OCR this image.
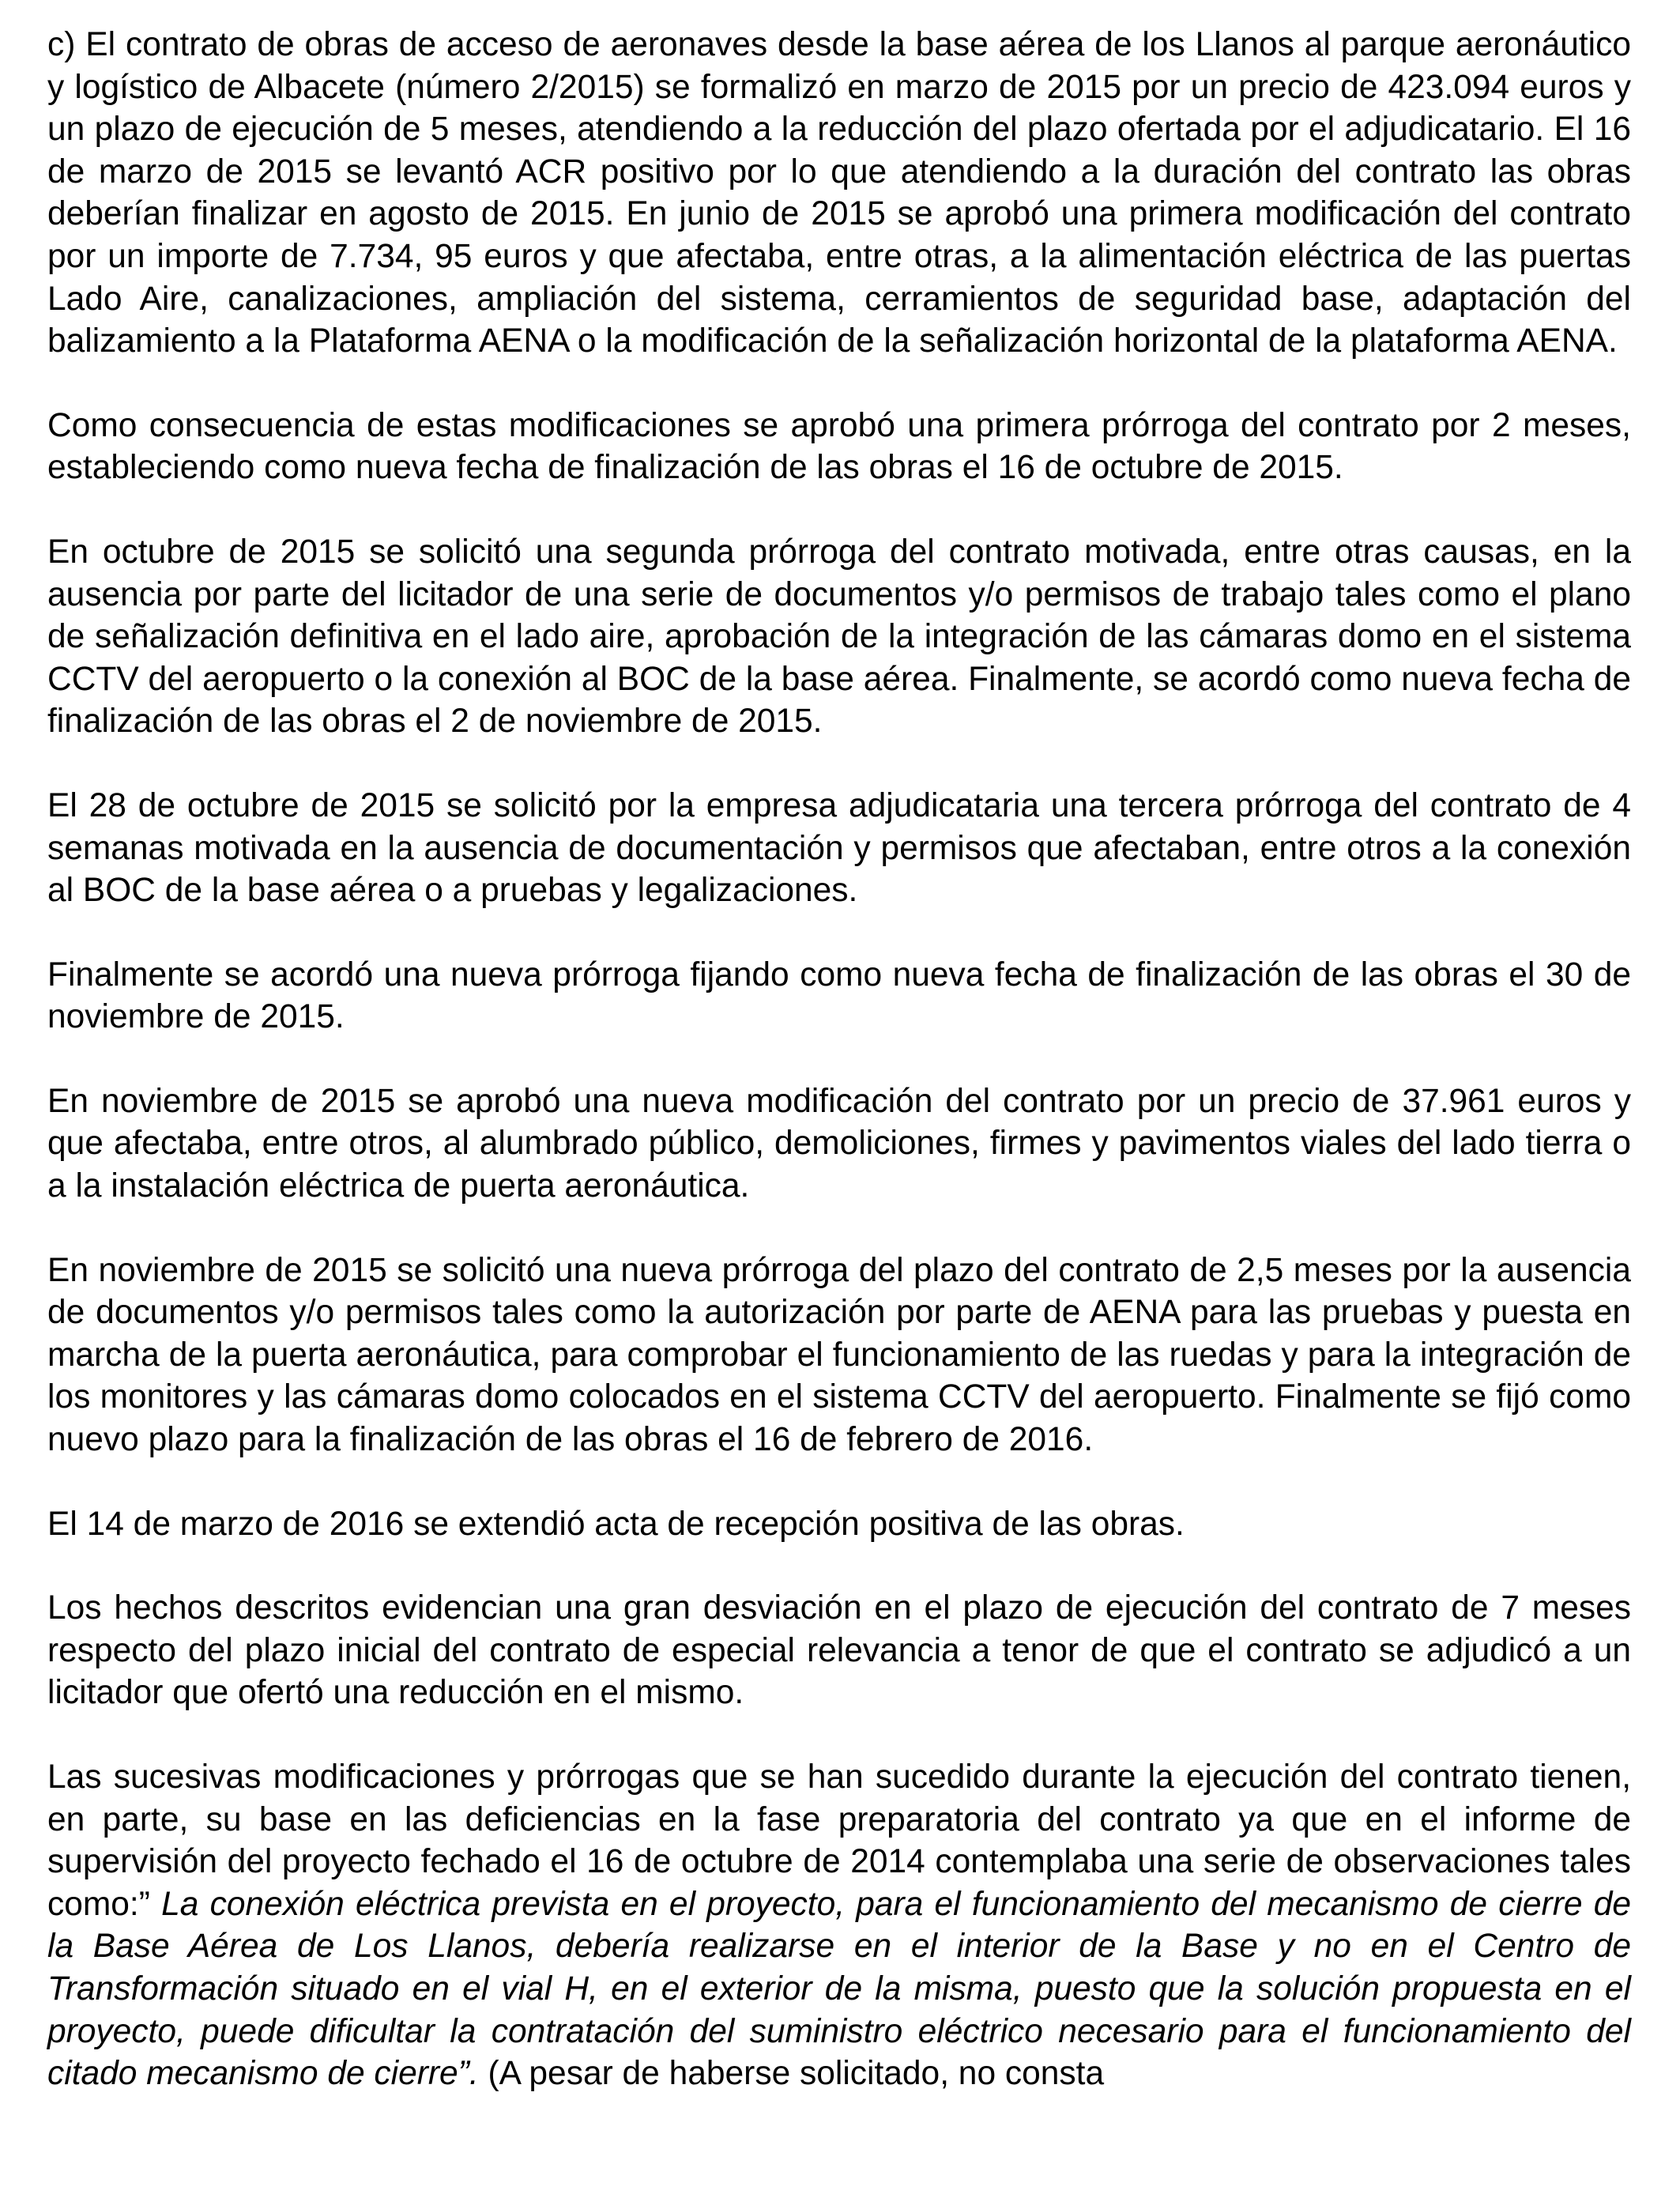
c) El contrato de obras de acceso de aeronaves desde la base aérea de los Llanos al parque aeronáutico y logístico de Albacete (número 2/2015) se formalizó en marzo de 2015 por un precio de 423.094 euros y un plazo de ejecución de 5 meses, atendiendo a la reducción del plazo ofertada por el adjudicatario. El 16 de marzo de 2015 se levantó ACR positivo por lo que atendiendo a la duración del contrato las obras deberían finalizar en agosto de 2015. En junio de 2015 se aprobó una primera modificación del contrato por un importe de 7.734, 95 euros y que afectaba, entre otras, a la alimentación eléctrica de las puertas Lado Aire, canalizaciones, ampliación del sistema, cerramientos de seguridad base, adaptación del balizamiento a la Plataforma AENA o la modificación de la señalización horizontal de la plataforma AENA.

Como consecuencia de estas modificaciones se aprobó una primera prórroga del contrato por 2 meses, estableciendo como nueva fecha de finalización de las obras el 16 de octubre de 2015.

En octubre de 2015 se solicitó una segunda prórroga del contrato motivada, entre otras causas, en la ausencia por parte del licitador de una serie de documentos y/o permisos de trabajo tales como el plano de señalización definitiva en el lado aire, aprobación de la integración de las cámaras domo en el sistema CCTV del aeropuerto o la conexión al BOC de la base aérea. Finalmente, se acordó como nueva fecha de finalización de las obras el 2 de noviembre de 2015.

El 28 de octubre de 2015 se solicitó por la empresa adjudicataria una tercera prórroga del contrato de 4 semanas motivada en la ausencia de documentación y permisos que afectaban, entre otros a la conexión al BOC de la base aérea o a pruebas y legalizaciones.

Finalmente se acordó una nueva prórroga fijando como nueva fecha de finalización de las obras el 30 de noviembre de 2015.

En noviembre de 2015 se aprobó una nueva modificación del contrato por un precio de 37.961 euros y que afectaba, entre otros, al alumbrado público, demoliciones, firmes y pavimentos viales del lado tierra o a la instalación eléctrica de puerta aeronáutica.

En noviembre de 2015 se solicitó una nueva prórroga del plazo del contrato de 2,5 meses por la ausencia de documentos y/o permisos tales como la autorización por parte de AENA para las pruebas y puesta en marcha de la puerta aeronáutica, para comprobar el funcionamiento de las ruedas y para la integración de los monitores y las cámaras domo colocados en el sistema CCTV del aeropuerto. Finalmente se fijó como nuevo plazo para la finalización de las obras el 16 de febrero de 2016.

El 14 de marzo de 2016 se extendió acta de recepción positiva de las obras.

Los hechos descritos evidencian una gran desviación en el plazo de ejecución del contrato de 7 meses respecto del plazo inicial del contrato de especial relevancia a tenor de que el contrato se adjudicó a un licitador que ofertó una reducción en el mismo.

Las sucesivas modificaciones y prórrogas que se han sucedido durante la ejecución del contrato tienen, en parte, su base en las deficiencias en la fase preparatoria del contrato ya que en el informe de supervisión del proyecto fechado el 16 de octubre de 2014 contemplaba una serie de observaciones tales como:” La conexión eléctrica prevista en el proyecto, para el funcionamiento del mecanismo de cierre de la Base Aérea de Los Llanos, debería realizarse en el interior de la Base y no en el Centro de Transformación situado en el vial H, en el exterior de la misma, puesto que la solución propuesta en el proyecto, puede dificultar la contratación del suministro eléctrico necesario para el funcionamiento del citado mecanismo de cierre”. (A pesar de haberse solicitado, no consta
